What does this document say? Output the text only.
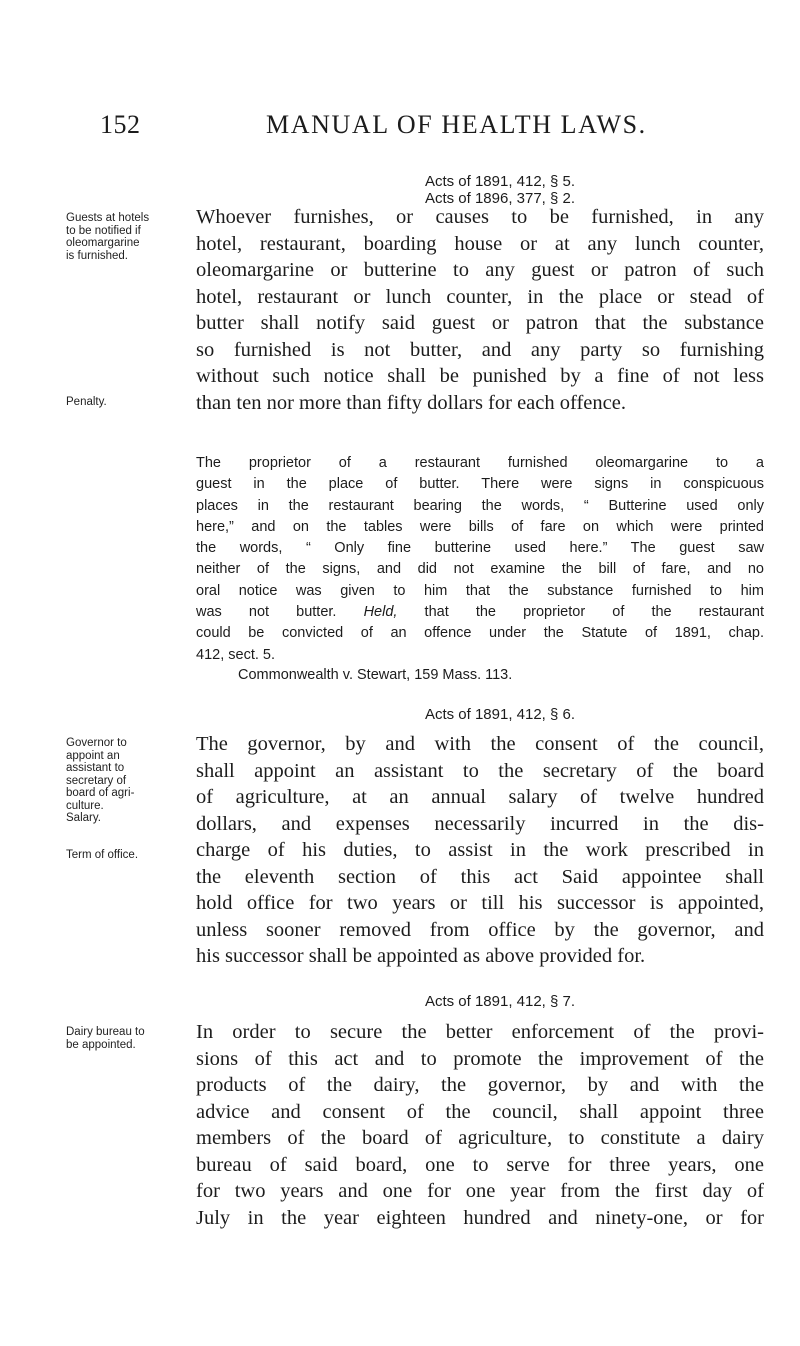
152	MANUAL OF HEALTH LAWS.
Acts of 1891, 412, § 5.
Acts of 1896, 377, § 2.
Guests at hotels
to be notified if
oleomargarine
is furnished.
Penalty.
Whoever furnishes, or causes to be furnished, in any
hotel, restaurant, boarding house or at any lunch counter,
oleomargarine or butterine to any guest or patron of such
hotel, restaurant or lunch counter, in the place or stead of
butter shall notify said guest or patron that the substance
so furnished is not butter, and any party so furnishing
without such notice shall be punished by a fine of not less
than ten nor more than fifty dollars for each offence.
The proprietor of a restaurant furnished oleomargarine to a
guest in the place of butter. There were signs in conspicuous
places in the restaurant bearing the words, “ Butterine used only
here,” and on the tables were bills of fare on which were printed
the words, “ Only fine butterine used here.” The guest saw
neither of the signs, and did not examine the bill of fare, and no
oral notice was given to him that the substance furnished to him
was not butter. Held, that the proprietor of the restaurant
could be convicted of an offence under the Statute of 1891, chap.
412, sect. 5.
Commonwealth v. Stewart, 159 Mass. 113.
Acts of 1891, 412, § 6.
Governor to
appoint an
assistant to
secretary of
board of agri-
culture.
Salary.
Term of office.
The governor, by and with the consent of the council,
shall appoint an assistant to the secretary of the board
of agriculture, at an annual salary of twelve hundred
dollars, and expenses necessarily incurred in the dis-
charge of his duties, to assist in the work prescribed in
the eleventh section of this act Said appointee shall
hold office for two years or till his successor is appointed,
unless sooner removed from office by the governor, and
his successor shall be appointed as above provided for.
Acts of 1891, 412, § 7.
Dairy bureau to
be appointed.
In order to secure the better enforcement of the provi-
sions of this act and to promote the improvement of the
products of the dairy, the governor, by and with the
advice and consent of the council, shall appoint three
members of the board of agriculture, to constitute a dairy
bureau of said board, one to serve for three years, one
for two years and one for one year from the first day of
July in the year eighteen hundred and ninety-one, or for
